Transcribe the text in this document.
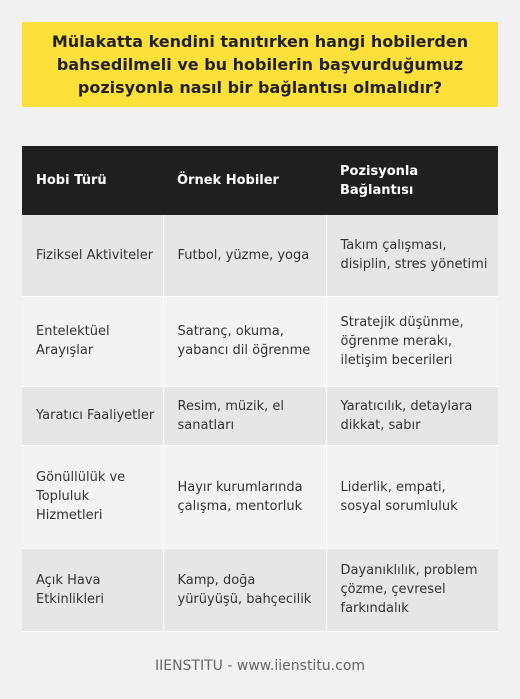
Mülakatta kendini tanıtırken hangi hobilerden bahsedilmeli ve bu hobilerin başvurduğumuz pozisyonla nasıl bir bağlantısı olmalıdır?
Hobi Türü	Örnek Hobiler	Pozisyonla Bağlantısı
Fiziksel Aktiviteler	Futbol, yüzme, yoga	Takım çalışması, disiplin, stres yönetimi
Entelektüel Arayışlar	Satranç, okuma, yabancı dil öğrenme	Stratejik düşünme, öğrenme merakı, iletişim becerileri
Yaratıcı Faaliyetler	Resim, müzik, el sanatları	Yaratıcılık, detaylara dikkat, sabır
Gönüllülük ve Topluluk Hizmetleri	Hayır kurumlarında çalışma, mentorluk	Liderlik, empati, sosyal sorumluluk
Açık Hava Etkinlikleri	Kamp, doğa yürüyüşü, bahçecilik	Dayanıklılık, problem çözme, çevresel farkındalık
IIENSTITU - www.iienstitu.com
